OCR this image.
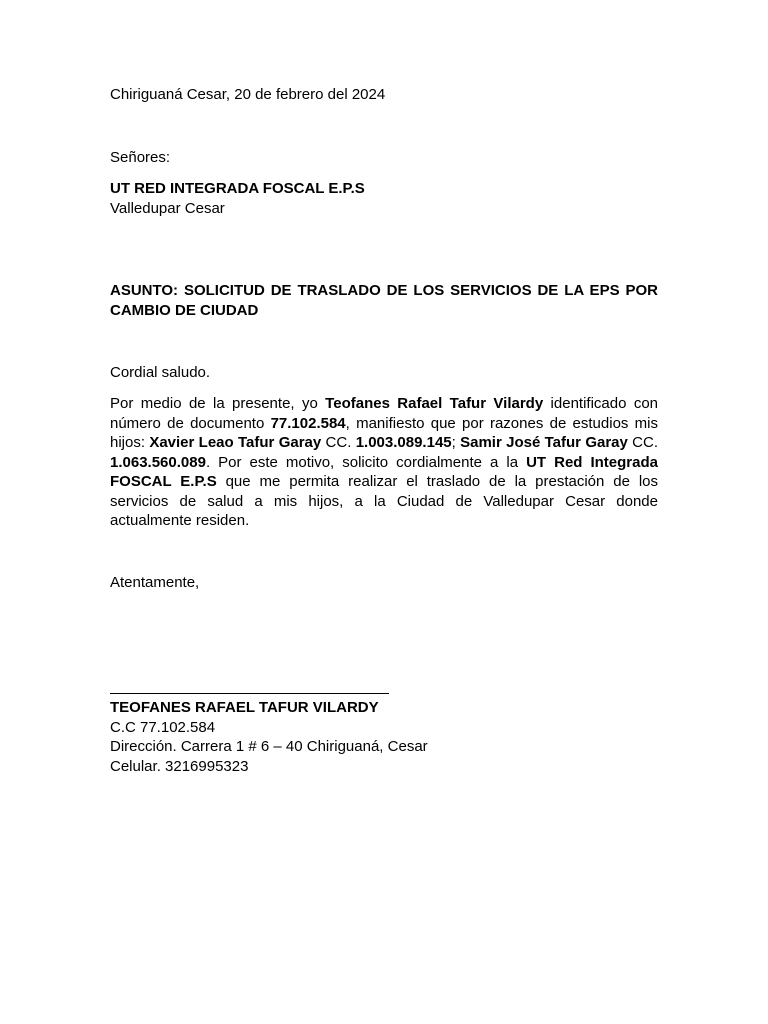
Chiriguaná Cesar, 20 de febrero del 2024

Señores:

UT RED INTEGRADA FOSCAL E.P.S

Valledupar Cesar

ASUNTO: SOLICITUD DE TRASLADO DE LOS SERVICIOS DE LA EPS POR CAMBIO DE CIUDAD

Cordial saludo.

Por medio de la presente, yo Teofanes Rafael Tafur Vilardy identificado con número de documento 77.102.584, manifiesto que por razones de estudios mis hijos: Xavier Leao Tafur Garay CC. 1.003.089.145; Samir José Tafur Garay CC. 1.063.560.089. Por este motivo, solicito cordialmente a la UT Red Integrada FOSCAL E.P.S que me permita realizar el traslado de la prestación de los servicios de salud a mis hijos, a la Ciudad de Valledupar Cesar donde actualmente residen.

Atentamente,

TEOFANES RAFAEL TAFUR VILARDY

C.C 77.102.584

Dirección. Carrera 1 # 6 – 40 Chiriguaná, Cesar

Celular. 3216995323
